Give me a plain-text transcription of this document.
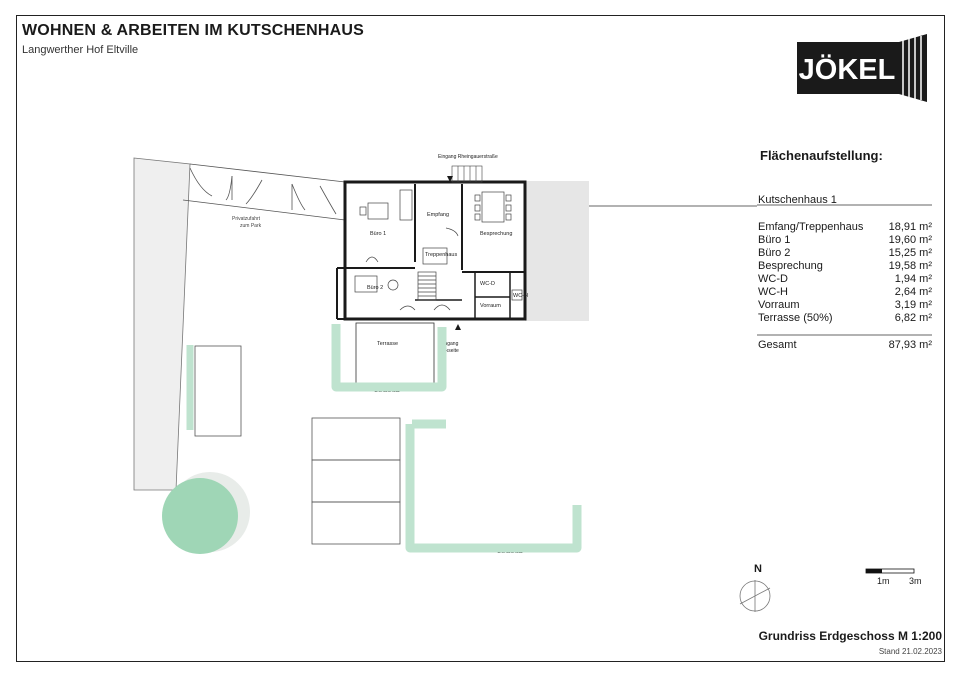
WOHNEN & ARBEITEN IM KUTSCHENHAUS
Langwerther Hof Eltville
JÖKEL
Flächenaufstellung:
Kutschenhaus 1
Emfang/Treppenhaus 18,91 m²
Büro 1	19,60 m²
Büro 2	15,25 m²
Besprechung	19,58 m²
WC-D	1,94 m²
WC-H	2,64 m²
Vorraum	3,19 m²
Terrasse (50%)	6,82 m²
Gesamt	87,93 m²
Privatzufahrt
zum Park
Eingang Rheingauerstraße
Empfang
Büro 1
Büro 2
Treppenhaus
Besprechung
WC-D
WC-H
Vorraum
Terrasse	Eingang
Parkseite
Sichtschutz
Sichtschutz
N
1m 3m
Grundriss Erdgeschoss M 1:200
Stand 21.02.2023
